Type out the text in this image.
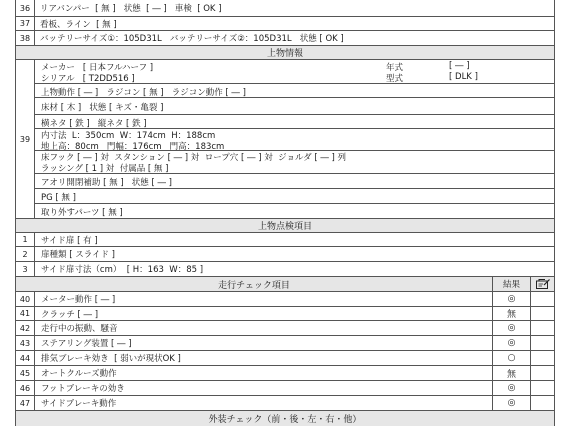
36	リアバンパー  [ 無 ]   状態  [ ― ]   車検  [ OK ]
37	看板、ライン  [ 無 ]
38	バッテリーサイズ①：105D31L   バッテリーサイズ②：105D31L   状態 [ OK ]
上物情報
39
メーカー   [ 日本フルハーフ ]	年式	[ ― ]
シリアル   [ T2DD516 ]	型式	[ DLK ]
上物動作 [ ― ]   ラジコン [ 無 ]   ラジコン動作 [ ― ]
床材 [ 木 ]   状態 [ キズ・亀裂 ]
横ネタ [ 鉄 ]   縦ネタ [ 鉄 ]
内寸法  L：350cm  W：174cm  H：188cm
地上高：80cm   門幅：176cm   門高：183cm
床フック [ ― ] 対  スタンション [ ― ] 対  ロープ穴 [ ― ] 対  ジョルダ [ ― ] 列
ラッシング [ 1 ] 対  付属品 [ 無 ]
アオリ開閉補助 [ 無 ]   状態 [ ― ]
PG [ 無 ]
取り外すパーツ [ 無 ]
上物点検項目
1	サイド扉 [ 有 ]
2	扉種類 [ スライド ]
3	サイド扉寸法（cm）  [ H：163  W：85 ]
走行チェック項目	結果
40	メーター動作 [ ― ]	◎
41	クラッチ [ ― ]	無
42	走行中の振動、騒音	◎
43	ステアリング装置 [ ― ]	◎
44	排気ブレーキ効き  [ 弱いが現状OK ]	○
45	オートクルーズ動作	無
46	フットブレーキの効き	◎
47	サイドブレーキ動作	◎
外装チェック（前・後・左・右・他）
